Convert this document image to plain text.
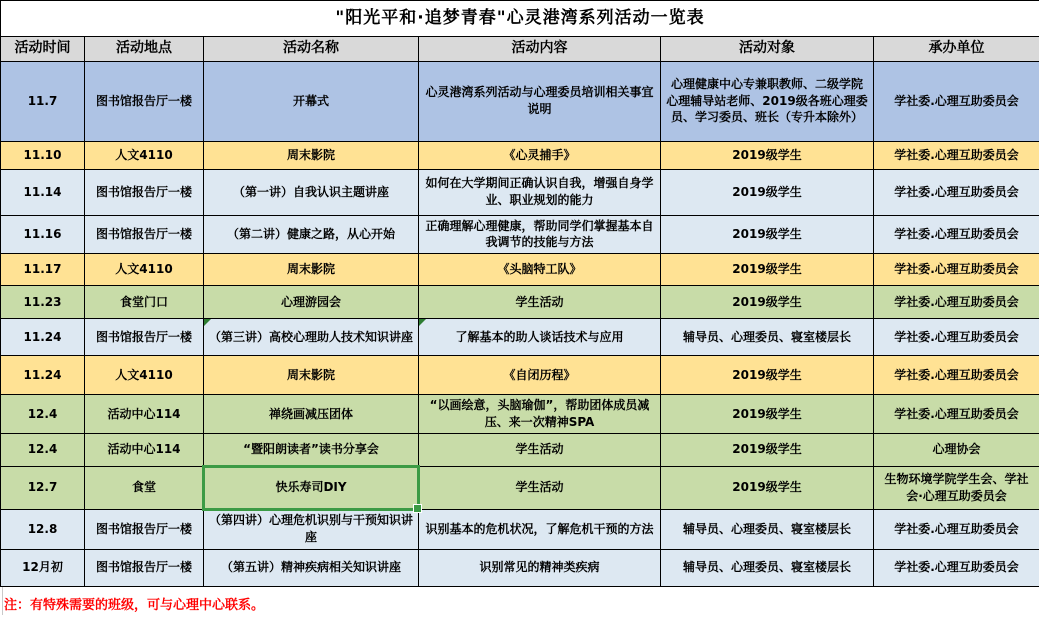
"阳光平和·追梦青春"心灵港湾系列活动一览表					
活动时间	活动地点	活动名称	活动内容	活动对象	承办单位
11.7	图书馆报告厅一楼	开幕式	心灵港湾系列活动与心理委员培训相关事宜说明	心理健康中心专兼职教师、二级学院心理辅导站老师、2019级各班心理委员、学习委员、班长（专升本除外）	学社委.心理互助委员会
11.10	人文4110	周末影院	《心灵捕手》	2019级学生	学社委.心理互助委员会
11.14	图书馆报告厅一楼	（第一讲）自我认识主题讲座	如何在大学期间正确认识自我，增强自身学业、职业规划的能力	2019级学生	学社委.心理互助委员会
11.16	图书馆报告厅一楼	（第二讲）健康之路，从心开始	正确理解心理健康，帮助同学们掌握基本自我调节的技能与方法	2019级学生	学社委.心理互助委员会
11.17	人文4110	周末影院	《头脑特工队》	2019级学生	学社委.心理互助委员会
11.23	食堂门口	心理游园会	学生活动	2019级学生	学社委.心理互助委员会
11.24	图书馆报告厅一楼	（第三讲）高校心理助人技术知识讲座	了解基本的助人谈话技术与应用	辅导员、心理委员、寝室楼层长	学社委.心理互助委员会
11.24	人文4110	周末影院	《自闭历程》	2019级学生	学社委.心理互助委员会
12.4	活动中心114	禅绕画减压团体	“以画绘意，头脑瑜伽”，帮助团体成员减压、来一次精神SPA	2019级学生	学社委.心理互助委员会
12.4	活动中心114	“暨阳朗读者”读书分享会	学生活动	2019级学生	心理协会
12.7	食堂	快乐寿司DIY	学生活动	2019级学生	生物环境学院学生会、学社会·心理互助委员会
12.8	图书馆报告厅一楼	（第四讲）心理危机识别与干预知识讲座	识别基本的危机状况，了解危机干预的方法	辅导员、心理委员、寝室楼层长	学社委.心理互助委员会
12月初	图书馆报告厅一楼	（第五讲）精神疾病相关知识讲座	识别常见的精神类疾病	辅导员、心理委员、寝室楼层长	学社委.心理互助委员会
注：有特殊需要的班级，可与心理中心联系。
